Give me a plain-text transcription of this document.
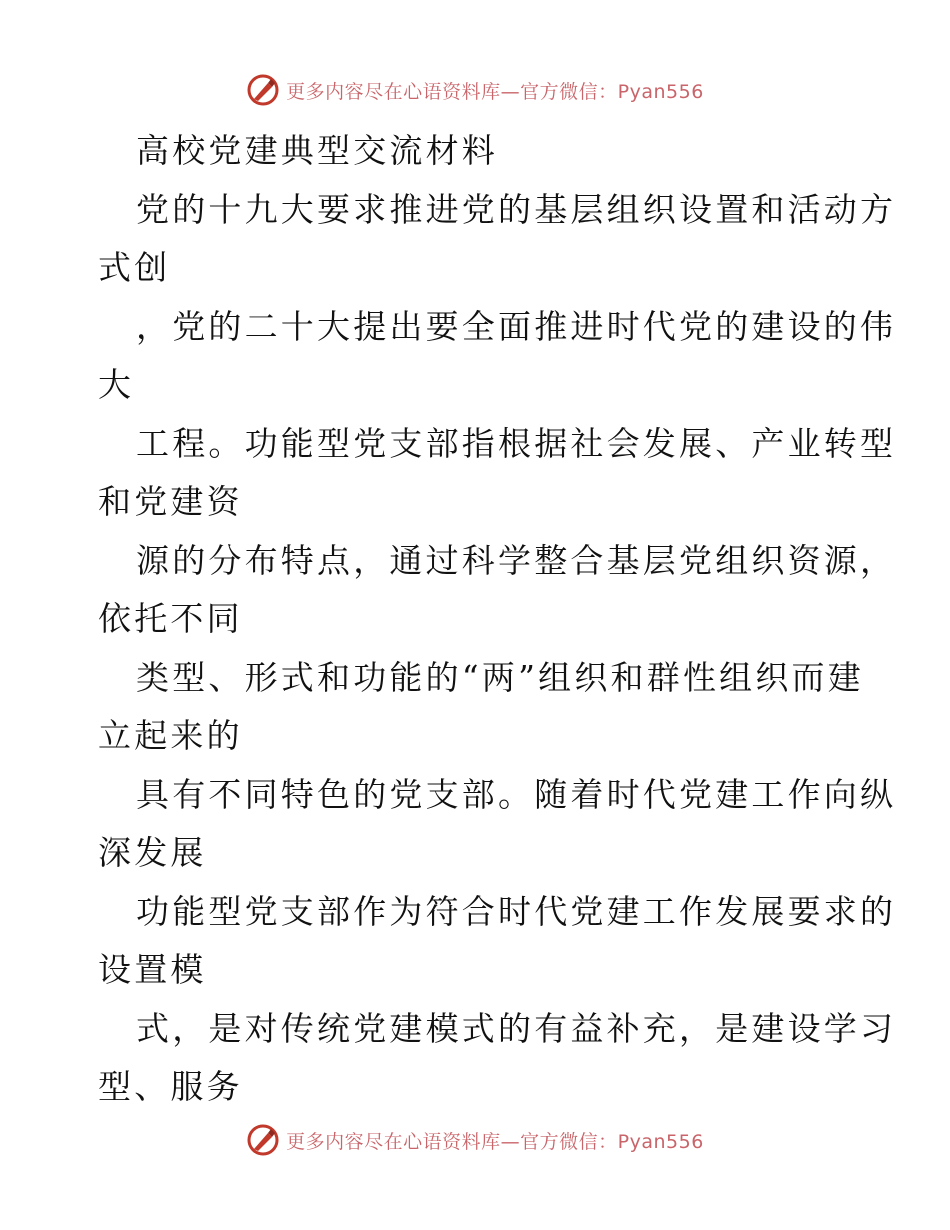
更多内容尽在心语资料库—官方微信：Pyan556
高校党建典型交流材料
党的十九大要求推进党的基层组织设置和活动方
式创
，党的二十大提出要全面推进时代党的建设的伟
大
工程。功能型党支部指根据社会发展、产业转型
和党建资
源的分布特点，通过科学整合基层党组织资源，
依托不同
类型、形式和功能的“两”组织和群性组织而建
立起来的
具有不同特色的党支部。随着时代党建工作向纵
深发展
功能型党支部作为符合时代党建工作发展要求的
设置模
式，是对传统党建模式的有益补充，是建设学习
型、服务
更多内容尽在心语资料库—官方微信：Pyan556
